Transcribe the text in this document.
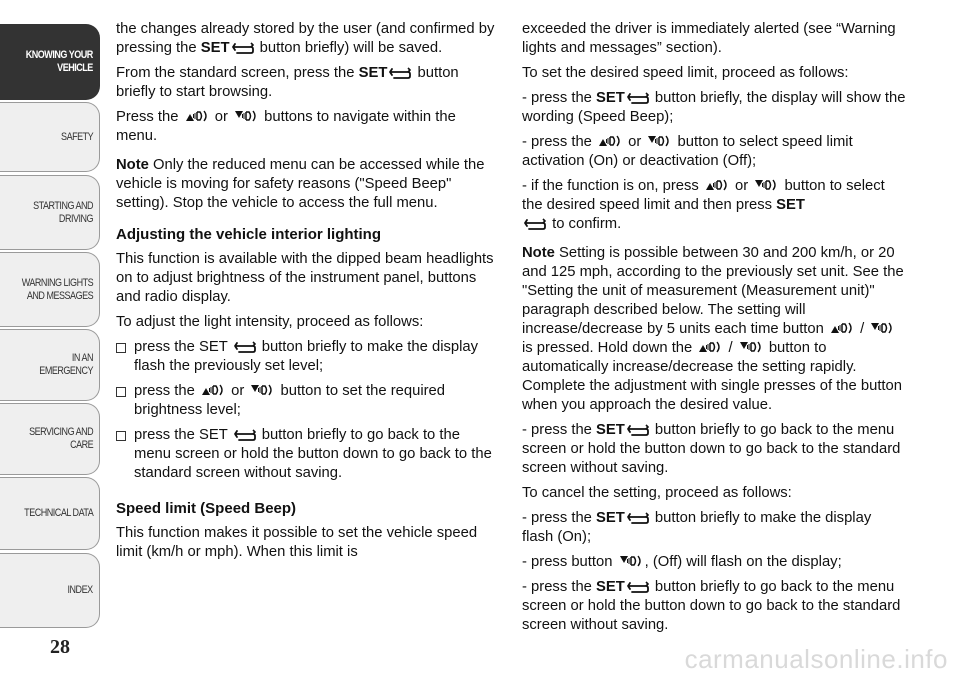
KNOWING YOUR
VEHICLE
SAFETY
STARTING AND
DRIVING
WARNING LIGHTS
AND MESSAGES
IN AN EMERGENCY
SERVICING AND
CARE
TECHNICAL DATA
INDEX
28

the changes already stored by the user (and confirmed by pressing the SET
button briefly) will be saved.

From the standard screen, press the SET
button briefly to start browsing.

Press the
or
buttons to navigate within the menu.

Note Only the reduced menu can be accessed while the vehicle is moving for safety reasons ("Speed Beep" setting). Stop the vehicle to access the full menu.

Adjusting the vehicle interior lighting

This function is available with the dipped beam headlights on to adjust brightness of the instrument panel, buttons and radio display.

To adjust the light intensity, proceed as follows:

press the SET
button briefly to make the display flash the previously set level;
press the
or
button to set the required brightness level;
press the SET
button briefly to go back to the menu screen or hold the button down to go back to the standard screen without saving.
Speed limit (Speed Beep)

This function makes it possible to set the vehicle speed limit (km/h or mph). When this limit is

exceeded the driver is immediately alerted (see “Warning lights and messages” section).

To set the desired speed limit, proceed as follows:

- press the SET
button briefly, the display will show the wording (Speed Beep);

- press the
or
button to select speed limit activation (On) or deactivation (Off);

- if the function is on, press
or
button to select the desired speed limit and then press SET

to confirm.

Note Setting is possible between 30 and 200 km/h, or 20 and 125 mph, according to the previously set unit. See the "Setting the unit of measurement (Measurement unit)" paragraph described below. The setting will increase/decrease by 5 units each time button
/
is pressed. Hold down the
/
button to automatically increase/decrease the setting rapidly. Complete the adjustment with single presses of the button when you approach the desired value.

- press the SET
button briefly to go back to the menu screen or hold the button down to go back to the standard screen without saving.

To cancel the setting, proceed as follows:

- press the SET
button briefly to make the display flash (On);

- press button
, (Off) will flash on the display;

- press the SET
button briefly to go back to the menu screen or hold the button down to go back to the standard screen without saving.

carmanualsonline.info
